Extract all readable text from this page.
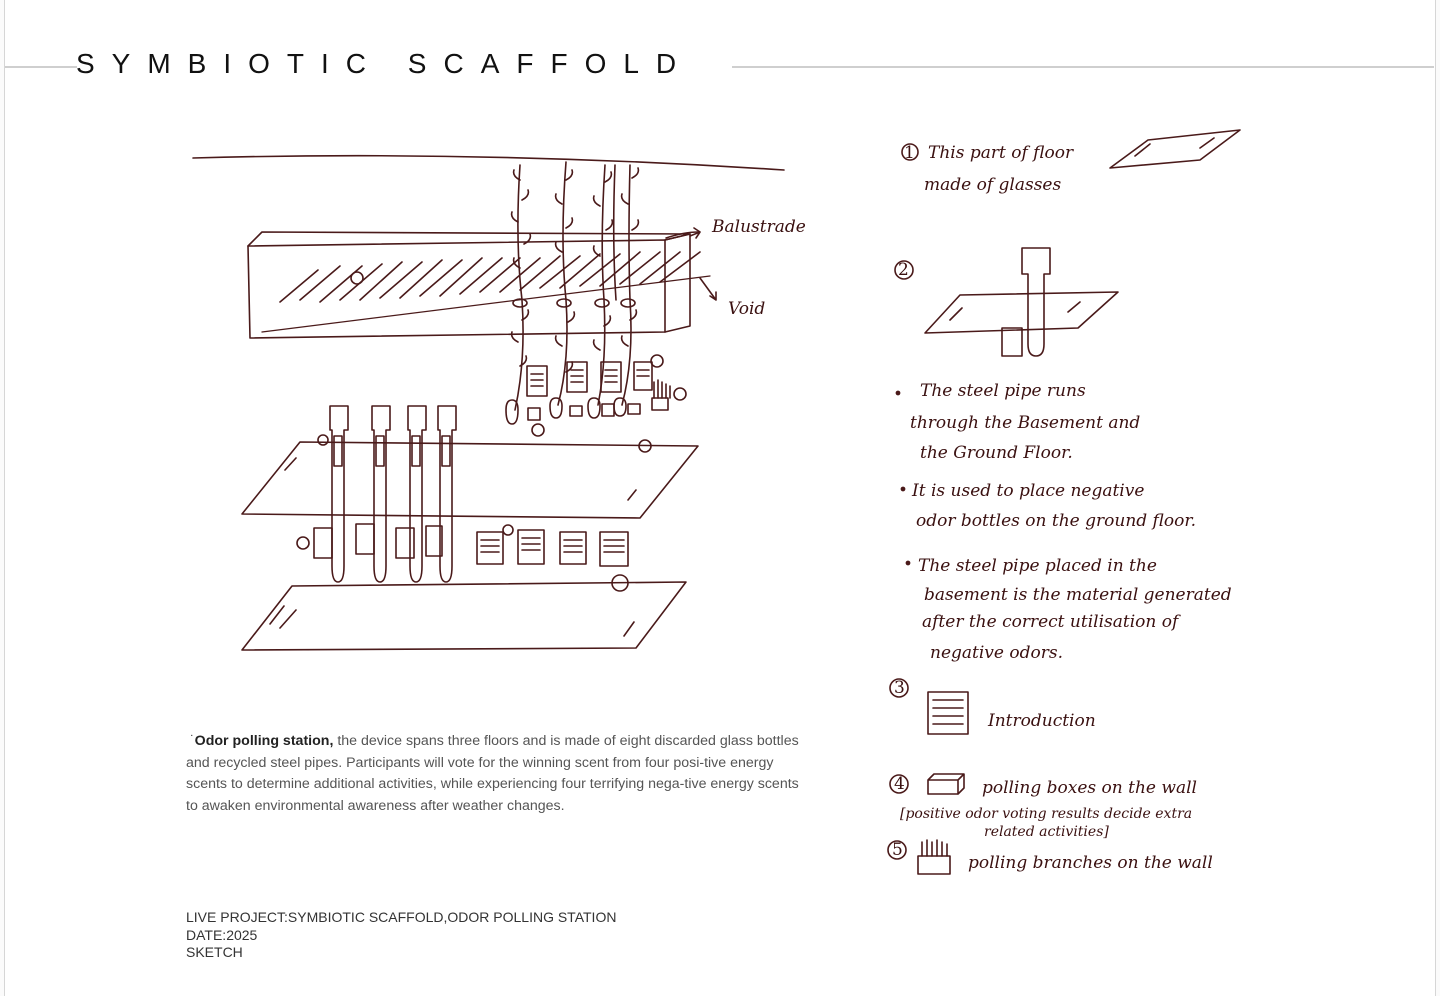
SYMBIOTIC SCAFFOLD
1 This part of floor
made of glasses
2
Balustrade
Void
The steel pipe runs
through the Basement and
the Ground Floor.
It is used to place negative
odor bottles on the ground floor.
The steel pipe placed in the
basement is the material generated
after the correct utilisation of
negative odors.
3
Introduction
4	polling boxes on the wall
[positive odor voting results decide extra
related activities]
5
polling branches on the wall
˙Odor polling station, the device spans three floors and is made of eight discarded glass bottles and recycled steel pipes. Participants will vote for the winning scent from four posi-tive energy scents to determine additional activities, while experiencing four terrifying nega-tive energy scents to awaken environmental awareness after weather changes.
LIVE PROJECT:SYMBIOTIC SCAFFOLD,ODOR POLLING STATION
DATE:2025
SKETCH
